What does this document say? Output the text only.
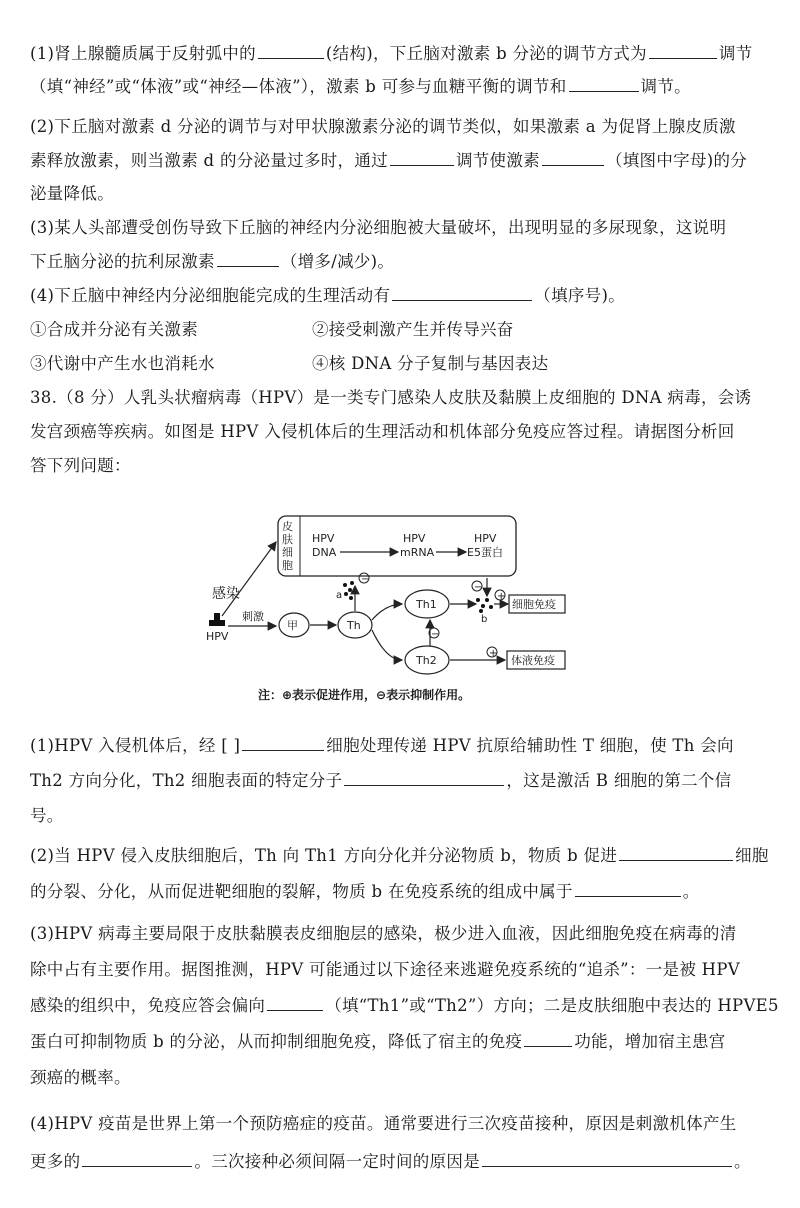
(1)肾上腺髓质属于反射弧中的	(结构)，下丘脑对激素 b 分泌的调节方式为	调节
（填“神经”或“体液”或“神经—体液”），激素 b 可参与血糖平衡的调节和	调节。
(2)下丘脑对激素 d 分泌的调节与对甲状腺激素分泌的调节类似，如果激素 a 为促肾上腺皮质激
素释放激素，则当激素 d 的分泌量过多时，通过	调节使激素	（填图中字母)的分
泌量降低。
(3)某人头部遭受创伤导致下丘脑的神经内分泌细胞被大量破坏，出现明显的多尿现象，这说明
下丘脑分泌的抗利尿激素	（增多/减少)。
(4)下丘脑中神经内分泌细胞能完成的生理活动有	（填序号)。
①合成并分泌有关激素	②接受刺激产生并传导兴奋
③代谢中产生水也消耗水	④核 DNA 分子复制与基因表达
38.（8 分）人乳头状瘤病毒（HPV）是一类专门感染人皮肤及黏膜上皮细胞的 DNA 病毒，会诱
发宫颈癌等疾病。如图是 HPV 入侵机体后的生理活动和机体部分免疫应答过程。请据图分析回
答下列问题：
皮
肤
细
胞
HPV
DNA
HPV
mRNA
HPV
E5蛋白
感染
HPV
刺激
甲	Th
a
−
Th1
Th2
−
b
+
−
细胞免疫
+
体液免疫
注：⊕表示促进作用，⊖表示抑制作用。
(1)HPV 入侵机体后，经 [ ]	细胞处理传递 HPV 抗原给辅助性 T 细胞，使 Th 会向
Th2 方向分化，Th2 细胞表面的特定分子	，这是激活 B 细胞的第二个信
号。
(2)当 HPV 侵入皮肤细胞后，Th 向 Th1 方向分化并分泌物质 b，物质 b 促进	细胞
的分裂、分化，从而促进靶细胞的裂解，物质 b 在免疫系统的组成中属于	。
(3)HPV 病毒主要局限于皮肤黏膜表皮细胞层的感染，极少进入血液，因此细胞免疫在病毒的清
除中占有主要作用。据图推测，HPV 可能通过以下途径来逃避免疫系统的“追杀”：一是被 HPV
感染的组织中，免疫应答会偏向	（填“Th1”或“Th2”）方向；二是皮肤细胞中表达的 HPVE5
蛋白可抑制物质 b 的分泌，从而抑制细胞免疫，降低了宿主的免疫	功能，增加宿主患宫
颈癌的概率。
(4)HPV 疫苗是世界上第一个预防癌症的疫苗。通常要进行三次疫苗接种，原因是刺激机体产生
更多的	。三次接种必须间隔一定时间的原因是	。
